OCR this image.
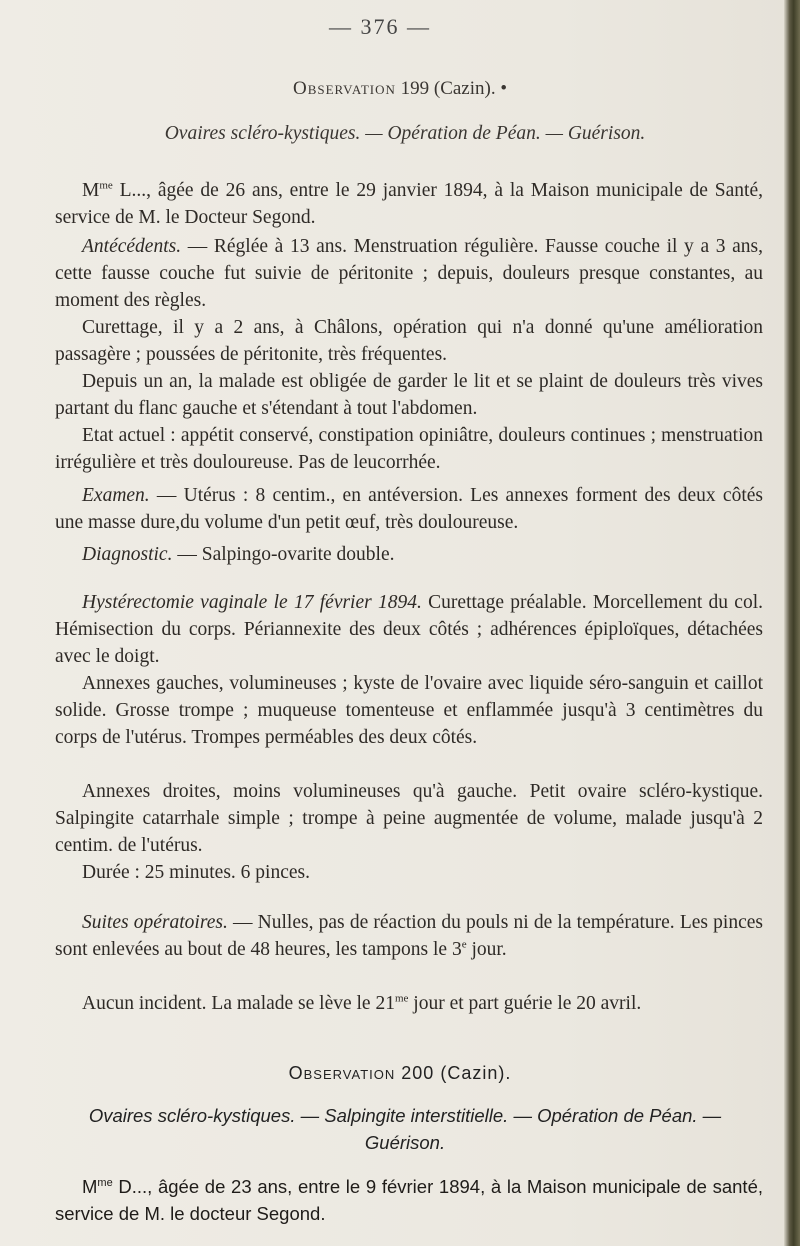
— 376 —
Observation 199 (Cazin). •
Ovaires scléro-kystiques. — Opération de Péan. — Guérison.

$M^{me}$ L..., âgée de 26 ans, entre le 29 janvier 1894, à la Maison municipale de Santé, service de M. le Docteur Segond.

Antécédents. — Réglée à 13 ans. Menstruation régulière. Fausse couche il y a 3 ans, cette fausse couche fut suivie de péritonite ; depuis, douleurs presque constantes, au moment des règles.

Curettage, il y a 2 ans, à Châlons, opération qui n'a donné qu'une amélioration passagère ; poussées de péritonite, très fréquentes.

Depuis un an, la malade est obligée de garder le lit et se plaint de douleurs très vives partant du flanc gauche et s'étendant à tout l'abdomen.

Etat actuel : appétit conservé, constipation opiniâtre, douleurs continues ; menstruation irrégulière et très douloureuse. Pas de leucorrhée.

Examen. — Utérus : 8 centim., en antéversion. Les annexes forment des deux côtés une masse dure,du volume d'un petit œuf, très douloureuse.

Diagnostic. — Salpingo-ovarite double.

Hystérectomie vaginale le 17 février 1894. Curettage préalable. Morcellement du col. Hémisection du corps. Périannexite des deux côtés ; adhérences épiploïques, détachées avec le doigt.

Annexes gauches, volumineuses ; kyste de l'ovaire avec liquide séro-sanguin et caillot solide. Grosse trompe ; muqueuse tomenteuse et enflammée jusqu'à 3 centimètres du corps de l'utérus. Trompes perméables des deux côtés.

Annexes droites, moins volumineuses qu'à gauche. Petit ovaire scléro-kystique. Salpingite catarrhale simple ; trompe à peine augmentée de volume, malade jusqu'à 2 centim. de l'utérus.

Durée : 25 minutes. 6 pinces.

Suites opératoires. — Nulles, pas de réaction du pouls ni de la température. Les pinces sont enlevées au bout de 48 heures, les tampons le 3e jour.

Aucun incident. La malade se lève le $21^{me}$ jour et part guérie le 20 avril.

Observation 200 (Cazin).
Ovaires scléro-kystiques. — Salpingite interstitielle. — Opération de Péan. — Guérison.

$M^{me}$ D..., âgée de 23 ans, entre le 9 février 1894, à la Maison municipale de santé, service de M. le docteur Segond.
